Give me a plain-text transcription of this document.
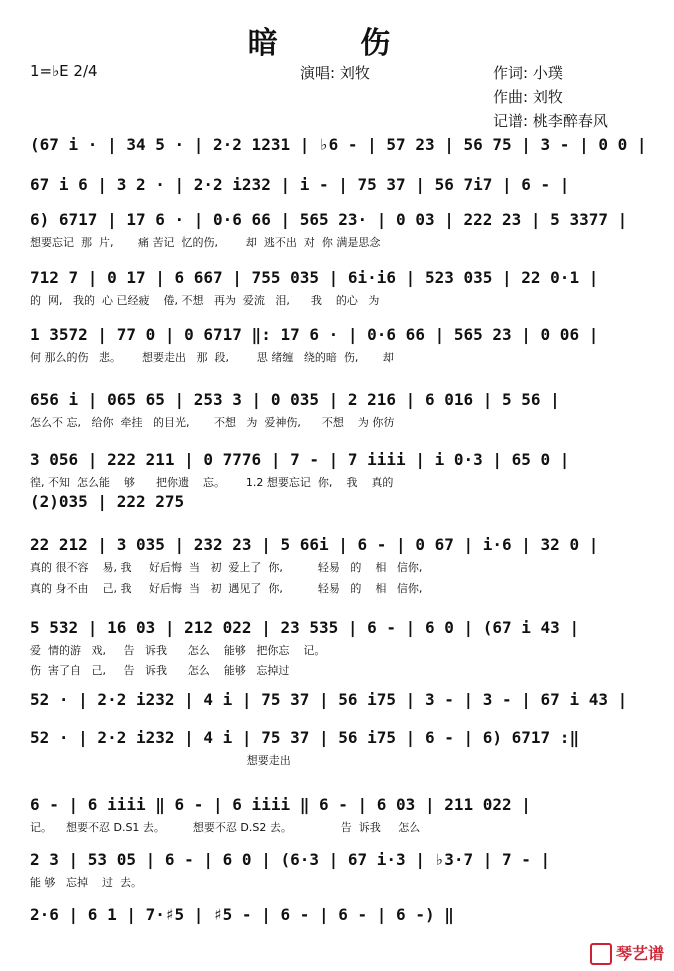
暗 伤
1=♭E 2/4	演唱: 刘牧	作词: 小璞
作曲: 刘牧
记谱: 桃李醉春风
(67 i · | 34 5 · | 2·2 1231 | ♭6 - | 57 23 | 56 75 | 3 - | 0 0 |
67 i 6 | 3 2 · | 2·2 i232 | i - | 75 37 | 56 7i7 | 6 - |
6) 6717 | 17 6 · | 0·6 66 | 565 23· | 0 03 | 222 23 | 5 3377 |
想要忘记  那  片,       痛 苦记  忆的伤,        却  逃不出  对  你 满是思念
712 7 | 0 17 | 6 667 | 755 035 | 6i·i6 | 523 035 | 22 0·1 |
的  网,   我的  心 已经疲    倦, 不想   再为  爱流   泪,      我    的心   为
1 3572 | 77 0 | 0 6717 ‖: 17 6 · | 0·6 66 | 565 23 | 0 06 |
何 那么的伤   悲。      想要走出   那  段,        思 绪缠   绕的暗  伤,       却
656 i | 065 65 | 253 3 | 0 035 | 2 216 | 6 016 | 5 56 |
怎么不 忘,   给你  牵挂   的目光,       不想   为  爱神伤,      不想    为 你彷
3 056 | 222 211 | 0 7776 | 7 - | 7 iiii | i 0·3 | 65 0 |
徨, 不知  怎么能    够      把你遗    忘。      1.2 想要忘记  你,    我    真的
(2)035 | 222 275
22 212 | 3 035 | 232 23 | 5 66i | 6 - | 0 67 | i·6 | 32 0 |
真的 很不容    易, 我     好后悔  当   初  爱上了  你,          轻易   的    相   信你,
真的 身不由    己, 我     好后悔  当   初  遇见了  你,          轻易   的    相   信你,
5 532 | 16 03 | 212 022 | 23 535 | 6 - | 6 0 | (67 i 43 |
爱  情的游   戏,     告   诉我      怎么    能够   把你忘    记。
伤  害了自   己,     告   诉我      怎么    能够   忘掉过
52 · | 2·2 i232 | 4 i | 75 37 | 56 i75 | 3 - | 3 - | 67 i 43 |
52 · | 2·2 i232 | 4 i | 75 37 | 56 i75 | 6 - | 6) 6717 :‖
想要走出
6 - | 6 iiii ‖ 6 - | 6 iiii ‖ 6 - | 6 03 | 211 022 |
记。    想要不忍 D.S1 去。        想要不忍 D.S2 去。              告  诉我     怎么
2 3 | 53 05 | 6 - | 6 0 | (6·3 | 67 i·3 | ♭3·7 | 7 - |
能 够   忘掉    过  去。
2·6 | 6 1 | 7·♯5 | ♯5 - | 6 - | 6 - | 6 -) ‖
琴艺谱
